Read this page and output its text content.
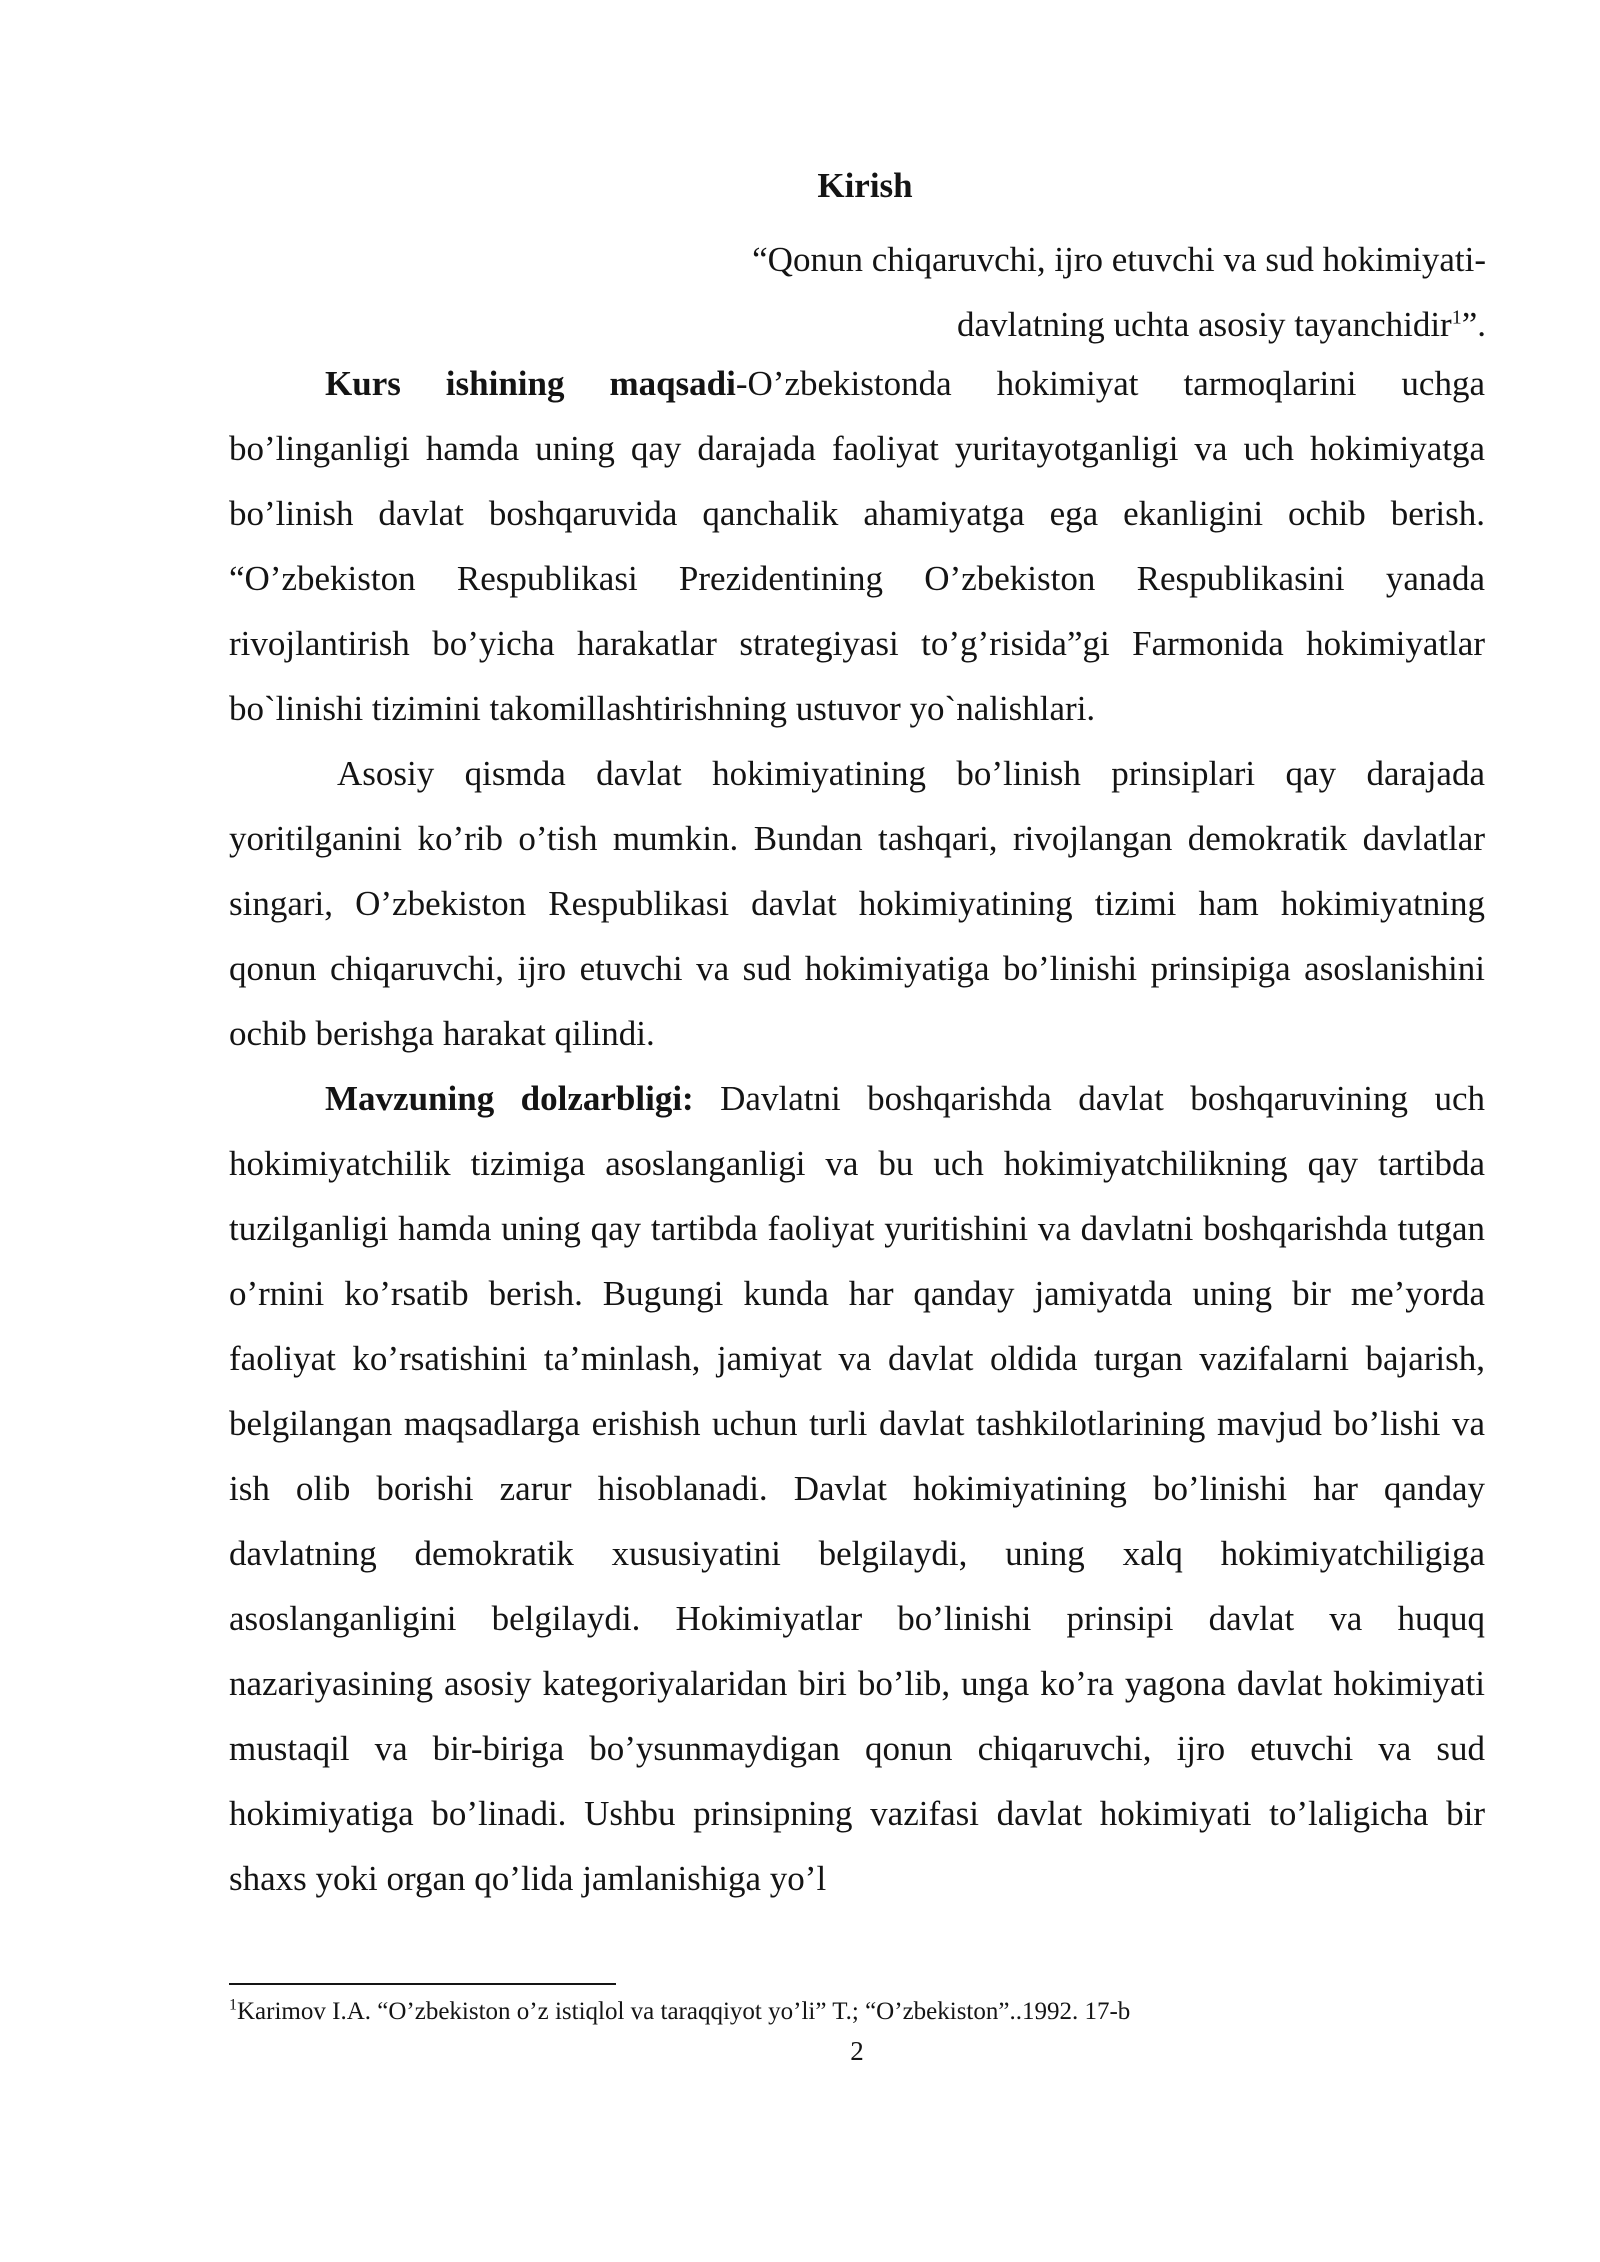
Kirish
“Qonun chiqaruvchi, ijro etuvchi va sud hokimiyati-
davlatning uchta asosiy tayanchidir$^1$”.

Kurs ishining maqsadi-O’zbekistonda hokimiyat tarmoqlarini uchga bo’linganligi hamda uning qay darajada faoliyat yuritayotganligi va uch hokimiyatga bo’linish davlat boshqaruvida qanchalik ahamiyatga ega ekanligini ochib berish. “O’zbekiston Respublikasi Prezidentining O’zbekiston Respublikasini yanada rivojlantirish bo’yicha harakatlar strategiyasi to’g’risida”gi Farmonida hokimiyatlar bo`linishi tizimini takomillashtirishning ustuvor yo`nalishlari.

Asosiy qismda davlat hokimiyatining bo’linish prinsiplari qay darajada yoritilganini ko’rib o’tish mumkin. Bundan tashqari, rivojlangan demokratik davlatlar singari, O’zbekiston Respublikasi davlat hokimiyatining tizimi ham hokimiyatning qonun chiqaruvchi, ijro etuvchi va sud hokimiyatiga bo’linishi prinsipiga asoslanishini ochib berishga harakat qilindi.

Mavzuning dolzarbligi: Davlatni boshqarishda davlat boshqaruvining uch hokimiyatchilik tizimiga asoslanganligi va bu uch hokimiyatchilikning qay tartibda tuzilganligi hamda uning qay tartibda faoliyat yuritishini va davlatni boshqarishda tutgan o’rnini ko’rsatib berish. Bugungi kunda har qanday jamiyatda uning bir me’yorda faoliyat ko’rsatishini ta’minlash, jamiyat va davlat oldida turgan vazifalarni bajarish, belgilangan maqsadlarga erishish uchun turli davlat tashkilotlarining mavjud bo’lishi va ish olib borishi zarur hisoblanadi. Davlat hokimiyatining bo’linishi har qanday davlatning demokratik xususiyatini belgilaydi, uning xalq hokimiyatchiligiga asoslanganligini belgilaydi. Hokimiyatlar bo’linishi prinsipi davlat va huquq nazariyasining asosiy kategoriyalaridan biri bo’lib, unga ko’ra yagona davlat hokimiyati mustaqil va bir-biriga bo’ysunmaydigan qonun chiqaruvchi, ijro etuvchi va sud hokimiyatiga bo’linadi. Ushbu prinsipning vazifasi davlat hokimiyati to’laligicha bir shaxs yoki organ qo’lida jamlanishiga yo’l

$^1$Karimov I.A. “O’zbekiston o’z istiqlol va taraqqiyot yo’li” T.; “O’zbekiston”..1992. 17-b
2
